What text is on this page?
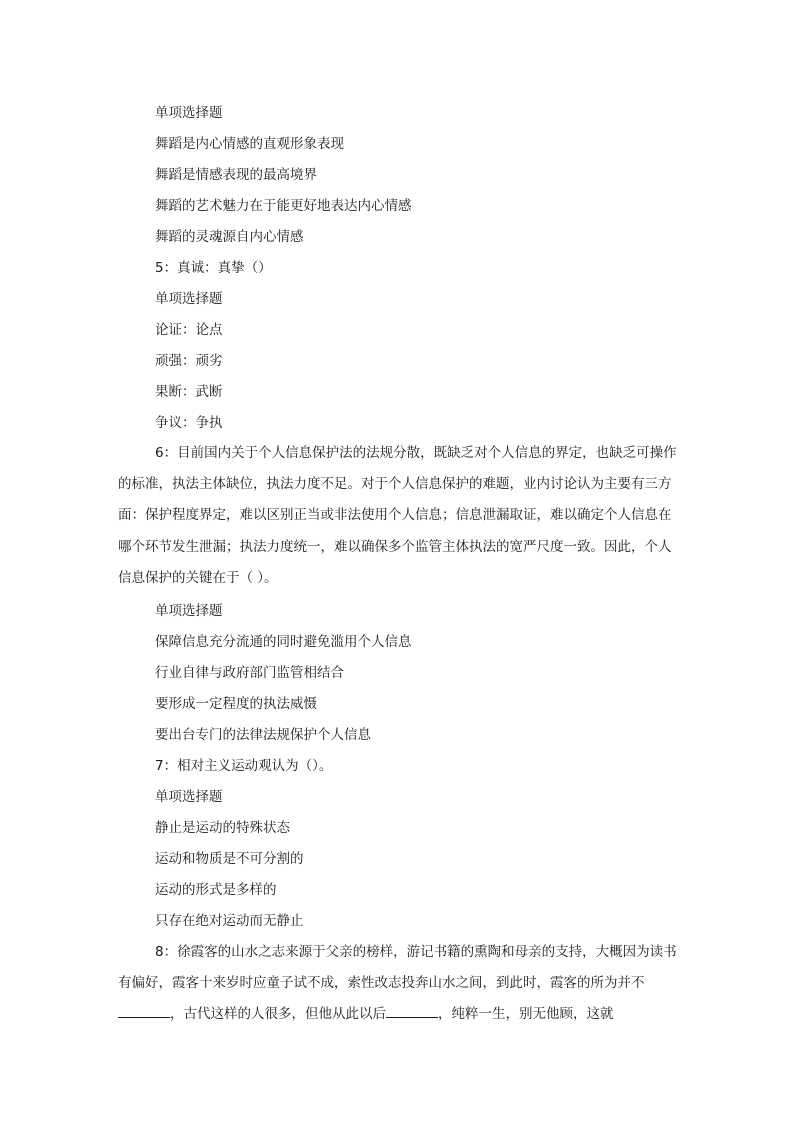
单项选择题
舞蹈是内心情感的直观形象表现
舞蹈是情感表现的最高境界
舞蹈的艺术魅力在于能更好地表达内心情感
舞蹈的灵魂源自内心情感
5：真诚：真挚（）
单项选择题
论证：论点
顽强：顽劣
果断：武断
争议：争执
6：目前国内关于个人信息保护法的法规分散，既缺乏对个人信息的界定，也缺乏可操作的标准，执法主体缺位，执法力度不足。对于个人信息保护的难题，业内讨论认为主要有三方面：保护程度界定，难以区别正当或非法使用个人信息；信息泄漏取证，难以确定个人信息在哪个环节发生泄漏；执法力度统一，难以确保多个监管主体执法的宽严尺度一致。因此，个人信息保护的关键在于（ ）。
单项选择题
保障信息充分流通的同时避免滥用个人信息
行业自律与政府部门监管相结合
要形成一定程度的执法威慑
要出台专门的法律法规保护个人信息
7：相对主义运动观认为（）。
单项选择题
静止是运动的特殊状态
运动和物质是不可分割的
运动的形式是多样的
只存在绝对运动而无静止
8：徐霞客的山水之志来源于父亲的榜样，游记书籍的熏陶和母亲的支持，大概因为读书有偏好，霞客十来岁时应童子试不成，索性改志投奔山水之间，到此时，霞客的所为并不，古代这样的人很多，但他从此以后	，纯粹一生，别无他顾，这就
